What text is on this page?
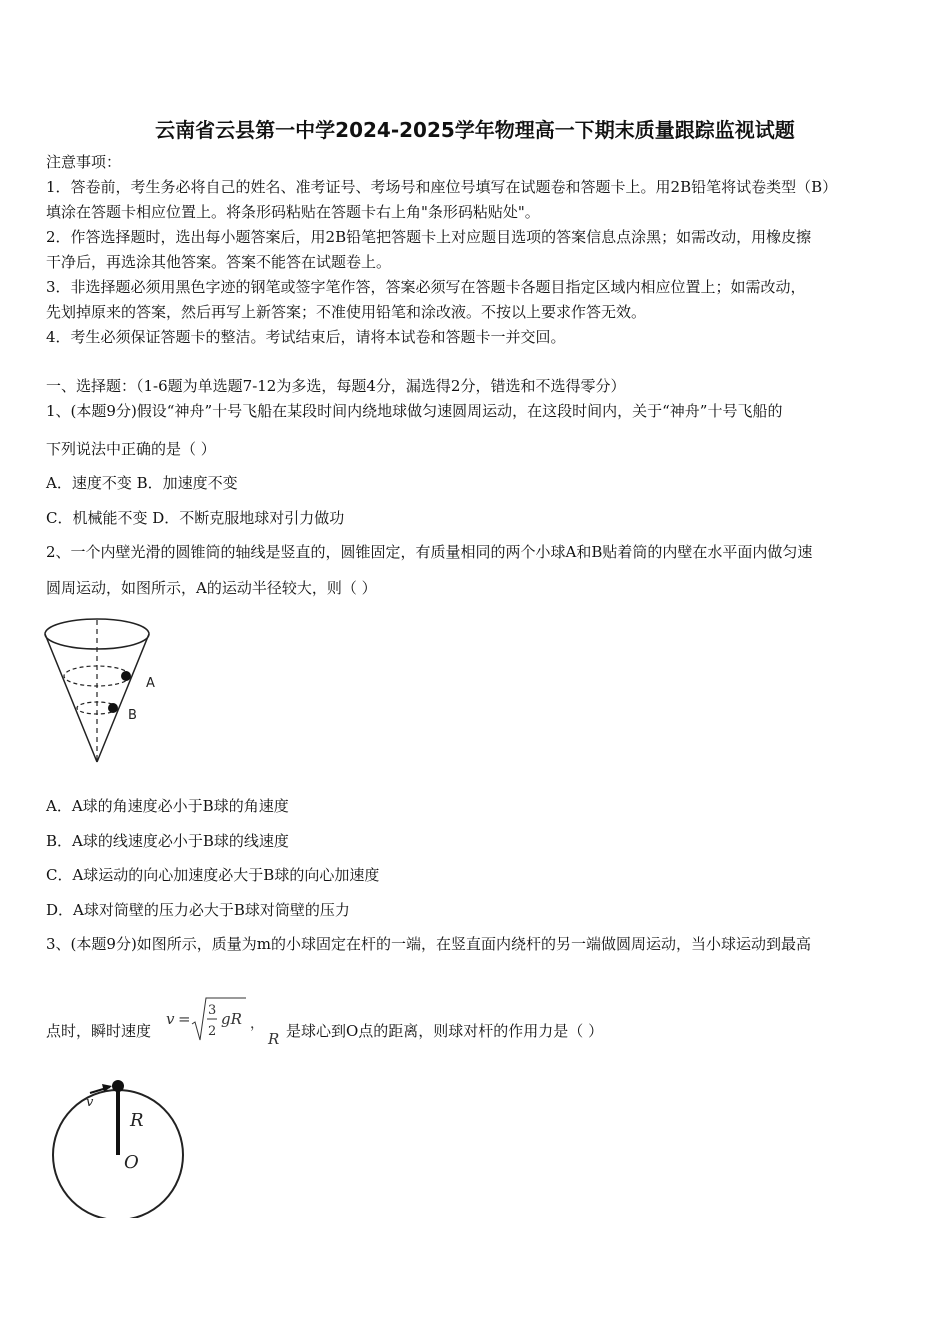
云南省云县第一中学2024-2025学年物理高一下期末质量跟踪监视试题
注意事项：
1．答卷前，考生务必将自己的姓名、准考证号、考场号和座位号填写在试题卷和答题卡上。用2B铅笔将试卷类型（B）
填涂在答题卡相应位置上。将条形码粘贴在答题卡右上角"条形码粘贴处"。
2．作答选择题时，选出每小题答案后，用2B铅笔把答题卡上对应题目选项的答案信息点涂黑；如需改动，用橡皮擦
干净后，再选涂其他答案。答案不能答在试题卷上。
3．非选择题必须用黑色字迹的钢笔或签字笔作答，答案必须写在答题卡各题目指定区域内相应位置上；如需改动，
先划掉原来的答案，然后再写上新答案；不准使用铅笔和涂改液。不按以上要求作答无效。
4．考生必须保证答题卡的整洁。考试结束后，请将本试卷和答题卡一并交回。
一、选择题：（1-6题为单选题7-12为多选，每题4分，漏选得2分，错选和不选得零分）
1、(本题9分)假设“神舟”十号飞船在某段时间内绕地球做匀速圆周运动，在这段时间内，关于“神舟”十号飞船的
下列说法中正确的是（ ）
A．速度不变 B．加速度不变
C．机械能不变 D．不断克服地球对引力做功
2、一个内壁光滑的圆锥筒的轴线是竖直的，圆锥固定，有质量相同的两个小球A和B贴着筒的内壁在水平面内做匀速
圆周运动，如图所示，A的运动半径较大，则（ ）
A
B
A．A球的角速度必小于B球的角速度
B．A球的线速度必小于B球的线速度
C．A球运动的向心加速度必大于B球的向心加速度
D．A球对筒壁的压力必大于B球对筒壁的压力
3、(本题9分)如图所示，质量为m的小球固定在杆的一端，在竖直面内绕杆的另一端做圆周运动，当小球运动到最高
点时，瞬时速度
v = 3
2
gR ，
R 是球心到O点的距离，则球对杆的作用力是（ ）
v
R
O
